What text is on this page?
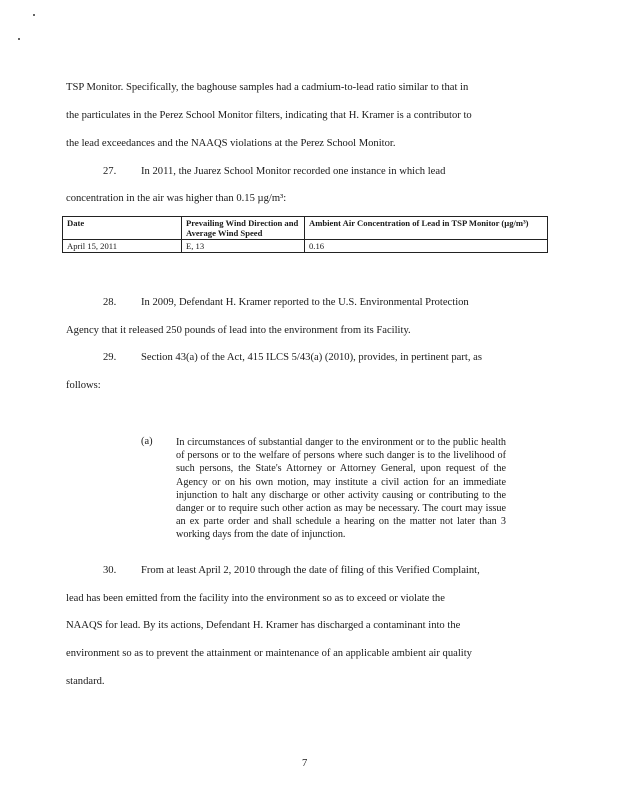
TSP Monitor. Specifically, the baghouse samples had a cadmium-to-lead ratio similar to that in
the particulates in the Perez School Monitor filters, indicating that H. Kramer is a contributor to
the lead exceedances and the NAAQS violations at the Perez School Monitor.
27. In 2011, the Juarez School Monitor recorded one instance in which lead
concentration in the air was higher than 0.15 µg/m³:
Date	Prevailing Wind Direction and Average Wind Speed	Ambient Air Concentration of Lead in TSP Monitor (µg/m³)
April 15, 2011	E, 13	0.16
28. In 2009, Defendant H. Kramer reported to the U.S. Environmental Protection
Agency that it released 250 pounds of lead into the environment from its Facility.
29. Section 43(a) of the Act, 415 ILCS 5/43(a) (2010), provides, in pertinent part, as
follows:
(a) In circumstances of substantial danger to the environment or to the public health of persons or to the welfare of persons where such danger is to the livelihood of such persons, the State's Attorney or Attorney General, upon request of the Agency or on his own motion, may institute a civil action for an immediate injunction to halt any discharge or other activity causing or contributing to the danger or to require such other action as may be necessary. The court may issue an ex parte order and shall schedule a hearing on the matter not later than 3 working days from the date of injunction.
30. From at least April 2, 2010 through the date of filing of this Verified Complaint,
lead has been emitted from the facility into the environment so as to exceed or violate the
NAAQS for lead. By its actions, Defendant H. Kramer has discharged a contaminant into the
environment so as to prevent the attainment or maintenance of an applicable ambient air quality
standard.
7
